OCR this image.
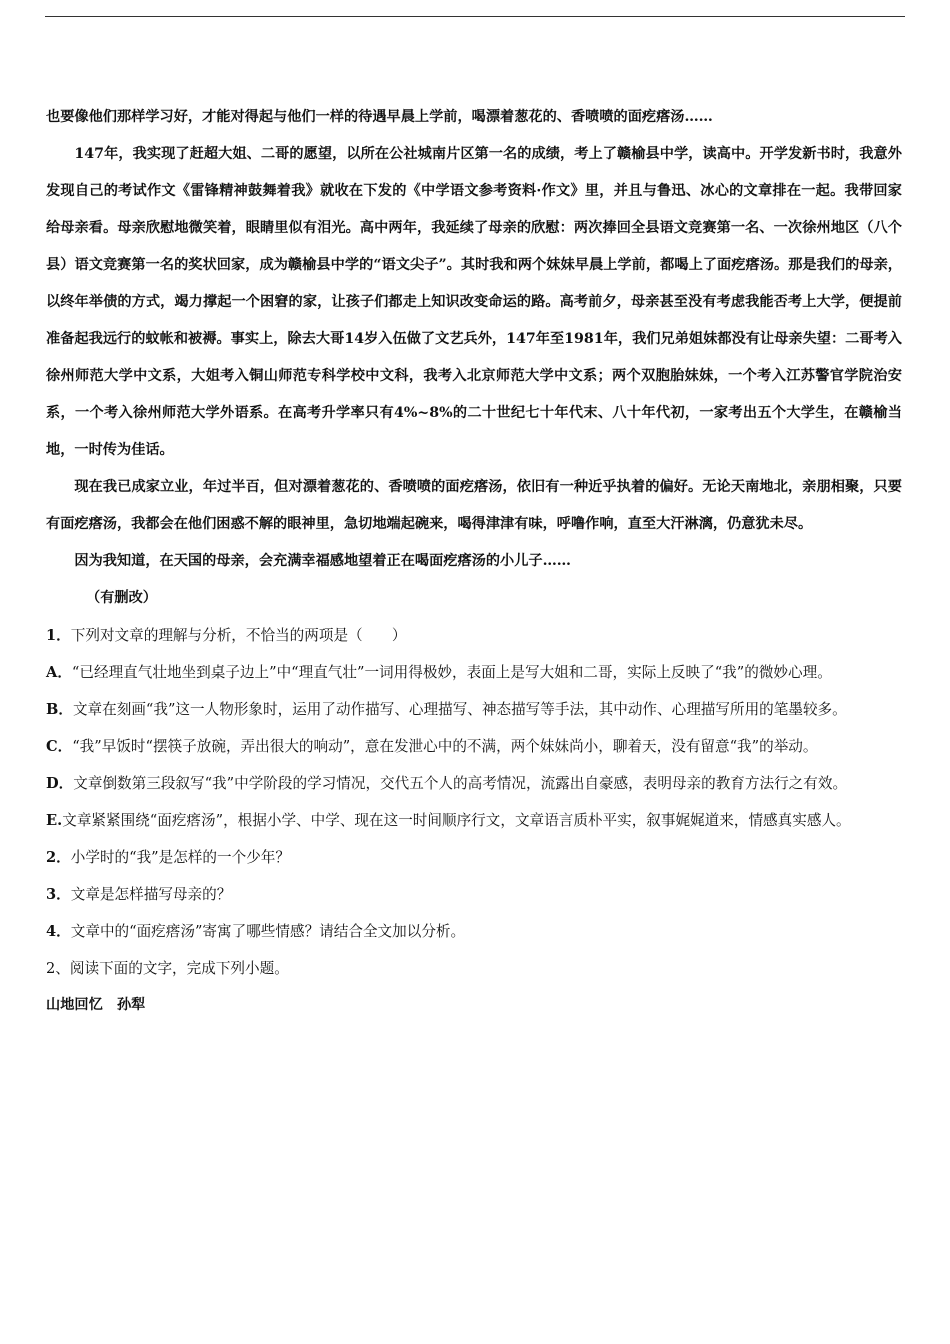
也要像他们那样学习好，才能对得起与他们一样的待遇早晨上学前，喝漂着葱花的、香喷喷的面疙瘩汤……

147年，我实现了赶超大姐、二哥的愿望，以所在公社城南片区第一名的成绩，考上了赣榆县中学，读高中。开学发新书时，我意外发现自己的考试作文《雷锋精神鼓舞着我》就收在下发的《中学语文参考资料·作文》里，并且与鲁迅、冰心的文章排在一起。我带回家给母亲看。母亲欣慰地微笑着，眼睛里似有泪光。高中两年，我延续了母亲的欣慰：两次捧回全县语文竞赛第一名、一次徐州地区（八个县）语文竞赛第一名的奖状回家，成为赣榆县中学的“语文尖子”。其时我和两个妹妹早晨上学前，都喝上了面疙瘩汤。那是我们的母亲，以终年举债的方式，竭力撑起一个困窘的家，让孩子们都走上知识改变命运的路。高考前夕，母亲甚至没有考虑我能否考上大学，便提前准备起我远行的蚊帐和被褥。事实上，除去大哥14岁入伍做了文艺兵外，147年至1981年，我们兄弟姐妹都没有让母亲失望：二哥考入徐州师范大学中文系，大姐考入铜山师范专科学校中文科，我考入北京师范大学中文系；两个双胞胎妹妹，一个考入江苏警官学院治安系，一个考入徐州师范大学外语系。在高考升学率只有4%~8%的二十世纪七十年代末、八十年代初，一家考出五个大学生，在赣榆当地，一时传为佳话。

现在我已成家立业，年过半百，但对漂着葱花的、香喷喷的面疙瘩汤，依旧有一种近乎执着的偏好。无论天南地北，亲朋相聚，只要有面疙瘩汤，我都会在他们困惑不解的眼神里，急切地端起碗来，喝得津津有味，呼噜作响，直至大汗淋漓，仍意犹未尽。

因为我知道，在天国的母亲，会充满幸福感地望着正在喝面疙瘩汤的小儿子……

（有删改）

1．下列对文章的理解与分析，不恰当的两项是（　　）

A．“已经理直气壮地坐到桌子边上”中“理直气壮”一词用得极妙，表面上是写大姐和二哥，实际上反映了“我”的微妙心理。

B．文章在刻画“我”这一人物形象时，运用了动作描写、心理描写、神态描写等手法，其中动作、心理描写所用的笔墨较多。

C．“我”早饭时“摆筷子放碗，弄出很大的响动”，意在发泄心中的不满，两个妹妹尚小，聊着天，没有留意“我”的举动。

D．文章倒数第三段叙写“我”中学阶段的学习情况，交代五个人的高考情况，流露出自豪感，表明母亲的教育方法行之有效。

E.文章紧紧围绕“面疙瘩汤”，根据小学、中学、现在这一时间顺序行文，文章语言质朴平实，叙事娓娓道来，情感真实感人。

2．小学时的“我”是怎样的一个少年？

3．文章是怎样描写母亲的？

4．文章中的“面疙瘩汤”寄寓了哪些情感？请结合全文加以分析。

2、阅读下面的文字，完成下列小题。

山地回忆　孙犁
